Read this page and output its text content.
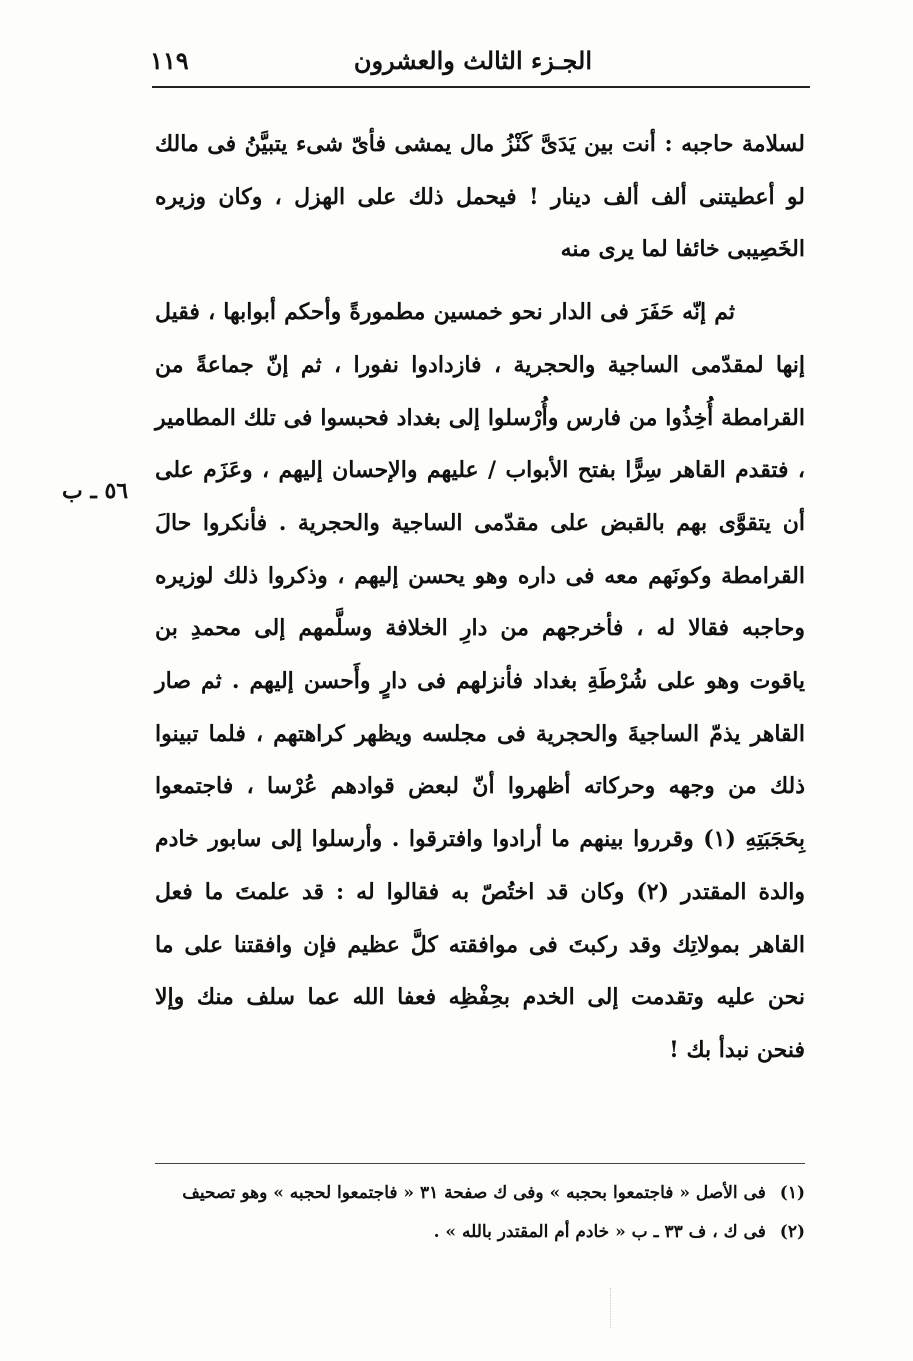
الجـزء الثالث والعشرون
١١٩
٥٦ ـ ب

لسلامة حاجبه : أنت بين يَدَىَّ كَنْزُ مال يمشى فأىّ شىء يتبيَّنُ فى مالك لو أعطيتنى ألف ألف دينار ! فيحمل ذلك على الهزل ، وكان وزيره الخَصِيبى خائفا لما يرى منه

ثم إنّه حَفَرَ فى الدار نحو خمسين مطمورةً وأحكم أبوابها ، فقيل إنها لمقدّمى الساجية والحجرية ، فازدادوا نفورا ، ثم إنّ جماعةً من القرامطة أُخِذُوا من فارس وأُرْسلوا إلى بغداد فحبسوا فى تلك المطامير ، فتقدم القاهر سِرًّا بفتح الأبواب / عليهم والإحسان إليهم ، وعَزَم على أن يتقوَّى بهم بالقبض على مقدّمى الساجية والحجرية . فأنكروا حالَ القرامطة وكونَهم معه فى داره وهو يحسن إليهم ، وذكروا ذلك لوزيره وحاجبه فقالا له ، فأخرجهم من دارِ الخلافة وسلَّمهم إلى محمدِ بن ياقوت وهو على شُرْطَةِ بغداد فأنزلهم فى دارٍ وأَحسن إليهم . ثم صار القاهر يذمّ الساجيةَ والحجرية فى مجلسه ويظهر كراهتهم ، فلما تبينوا ذلك من وجهه وحركاته أظهروا أنّ لبعض قوادهم عُرْسا ، فاجتمعوا بِحَجَبَتِهِ (١) وقرروا بينهم ما أرادوا وافترقوا . وأرسلوا إلى سابور خادم والدة المقتدر (٢) وكان قد اختُصّ به فقالوا له : قد علمتَ ما فعل القاهر بمولاتِك وقد ركبتَ فى موافقته كلَّ عظيم فإن وافقتنا على ما نحن عليه وتقدمت إلى الخدم بحِفْظِه فعفا الله عما سلف منك وإلا فنحن نبدأ بك !

(١) فى الأصل « فاجتمعوا بحجبه » وفى ك صفحة ٣١ « فاجتمعوا لحجبه » وهو تصحيف

(٢) فى ك ، ف ٣٣ ـ ب « خادم أم المقتدر بالله » .
